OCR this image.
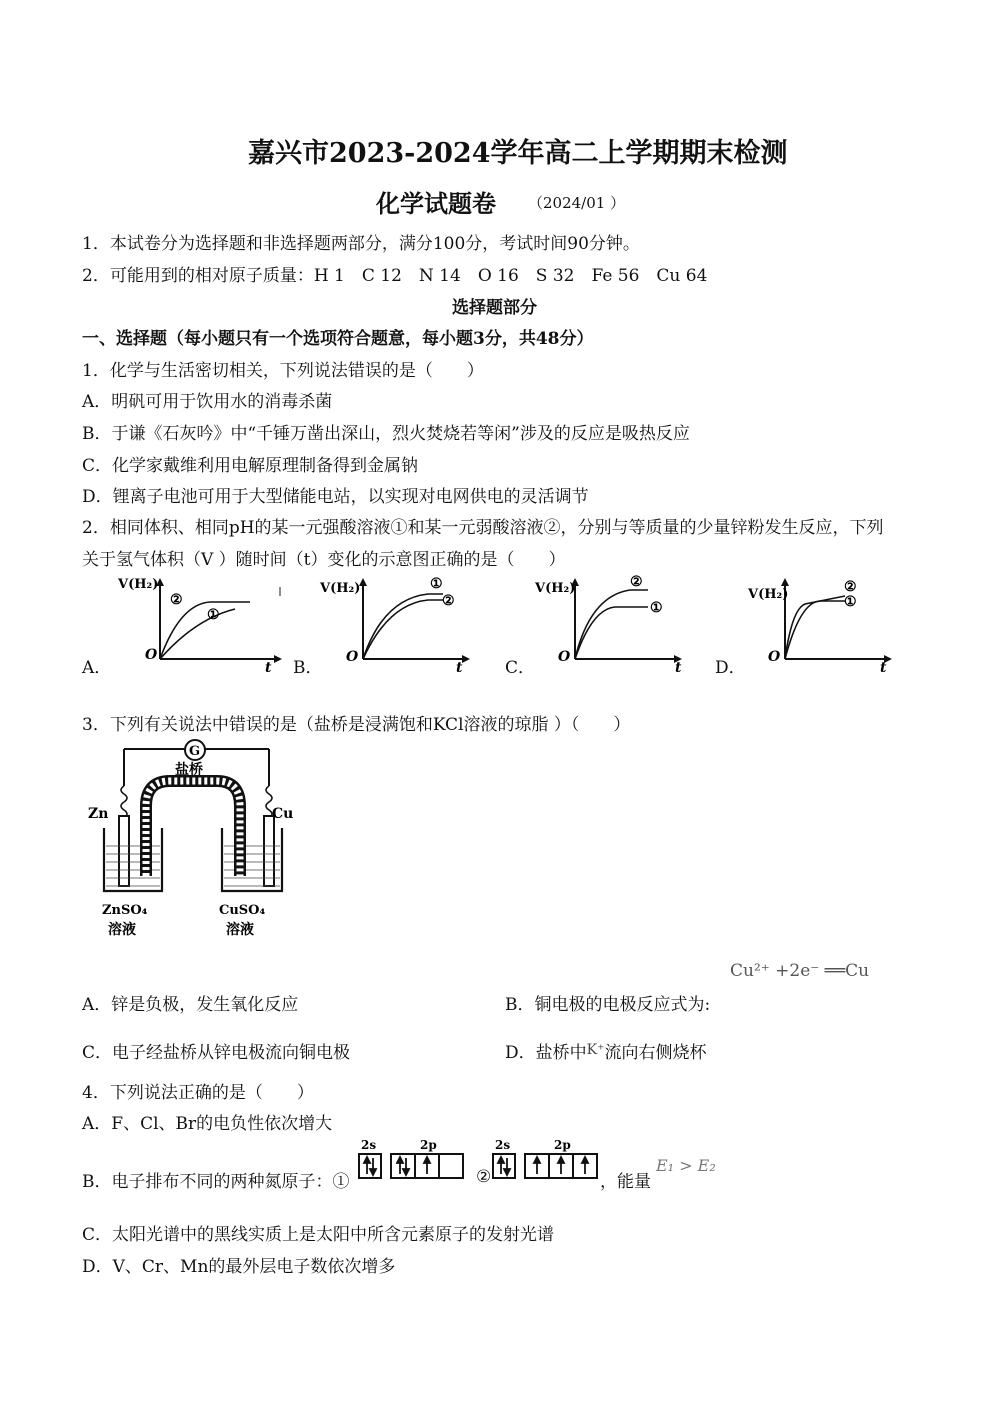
嘉兴市2023-2024学年高二上学期期末检测
化学试题卷 （2024/01 ）
1．本试卷分为选择题和非选择题两部分，满分100分，考试时间90分钟。
2．可能用到的相对原子质量：H 1　C 12　N 14　O 16　S 32　Fe 56　Cu 64
选择题部分
一、选择题（每小题只有一个选项符合题意，每小题3分，共48分）
1．化学与生活密切相关，下列说法错误的是（　　）
A．明矾可用于饮用水的消毒杀菌
B．于谦《石灰吟》中“千锤万凿出深山，烈火焚烧若等闲”涉及的反应是吸热反应
C．化学家戴维利用电解原理制备得到金属钠
D．锂离子电池可用于大型储能电站，以实现对电网供电的灵活调节
2．相同体积、相同pH的某一元强酸溶液①和某一元弱酸溶液②，分别与等质量的少量锌粉发生反应，下列
关于氢气体积（V ）随时间（t）变化的示意图正确的是（　　）
A．
V(H₂)
②
①
O
t B．
V(H₂)	①
②
O
t	C．
V(H₂)	②
①
O
t D．
V(H₂)	②
①
O
t
3．下列有关说法中错误的是（盐桥是浸满饱和KCl溶液的琼脂 ）（　　）
G
盐桥
Zn	Cu
ZnSO₄
溶液
CuSO₄
溶液
Cu²⁺ +2e⁻ ══Cu
A．锌是负极，发生氧化反应	B．铜电极的电极反应式为:
C．电子经盐桥从锌电极流向铜电极	D．盐桥中$^{K^+}$流向右侧烧杯
4．下列说法正确的是（　　）
A．F、Cl、Br的电负性依次增大
B．电子排布不同的两种氮原子：①
2s	2p
②
2s	2p
，能量
E₁ > E₂
C．太阳光谱中的黑线实质上是太阳中所含元素原子的发射光谱
D．V、Cr、Mn的最外层电子数依次增多
